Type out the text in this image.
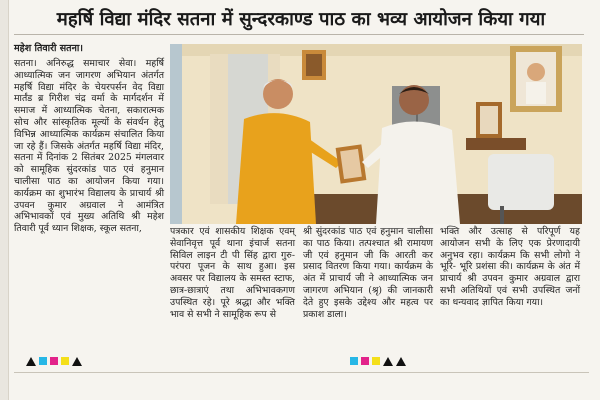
महर्षि विद्या मंदिर सतना में सुन्दरकाण्ड पाठ का भव्य आयोजन किया गया
महेश तिवारी सतना।

सतना। अनिरुद्ध समाचार सेवा। महर्षि आध्यात्मिक जन जागरण अभियान अंतर्गत महर्षि विद्या मंदिर के चेयरपर्सन वेद विद्या मार्तंड ब्र गिरीश चंद्र वर्मा के मार्गदर्शन में समाज में आध्यात्मिक चेतना, सकारात्मक सोच और सांस्कृतिक मूल्यों के संवर्धन हेतु विभिन्न आध्यात्मिक कार्यक्रम संचालित किया जा रहे हैं। जिसके अंतर्गत महर्षि विद्या मंदिर, सतना में दिनांक 2 सितंबर 2025 मंगलवार को सामूहिक सुंदरकांड पाठ एवं हनुमान चालीसा पाठ का आयोजन किया गया। कार्यक्रम का शुभारंभ विद्यालय के प्राचार्य श्री उपवन कुमार अग्रवाल ने आमंत्रित अभिभावकों एवं मुख्य अतिथि श्री महेश तिवारी पूर्व ध्यान शिक्षक, स्कूल सतना,	पत्रकार एवं शासकीय शिक्षक एवम् सेवानिवृत्त पूर्व थाना इंचार्ज सतना सिविल लाइन टी पी सिंह द्वारा गुरु-परंपरा पूजन के साथ हुआ। इस अवसर पर विद्यालय के समस्त स्टाफ, छात्र-छात्राएं तथा अभिभावकगण उपस्थित रहे। पूरे श्रद्धा और भक्ति भाव से सभी ने सामूहिक रूप से

श्री सुंदरकांड पाठ एवं हनुमान चालीसा का पाठ किया। तत्पश्चात श्री रामायण जी एवं हनुमान जी कि आरती कर प्रसाद वितरण किया गया। कार्यक्रम के अंत में प्राचार्य जी ने आध्यात्मिक जन जागरण अभियान (श्रृ) की जानकारी देते हुए इसके उद्देश्य और महत्व पर प्रकाश डाला।

भक्ति और उत्साह से परिपूर्ण यह आयोजन सभी के लिए एक प्रेरणादायी अनुभव रहा। कार्यक्रम कि सभी लोगो ने भूरि- भूरि प्रशंसा की। कार्यक्रम के अंत में प्राचार्य श्री उपवन कुमार अग्रवाल द्वारा सभी अतिथियों एवं सभी उपस्थित जनों का धन्यवाद ज्ञापित किया गया।
